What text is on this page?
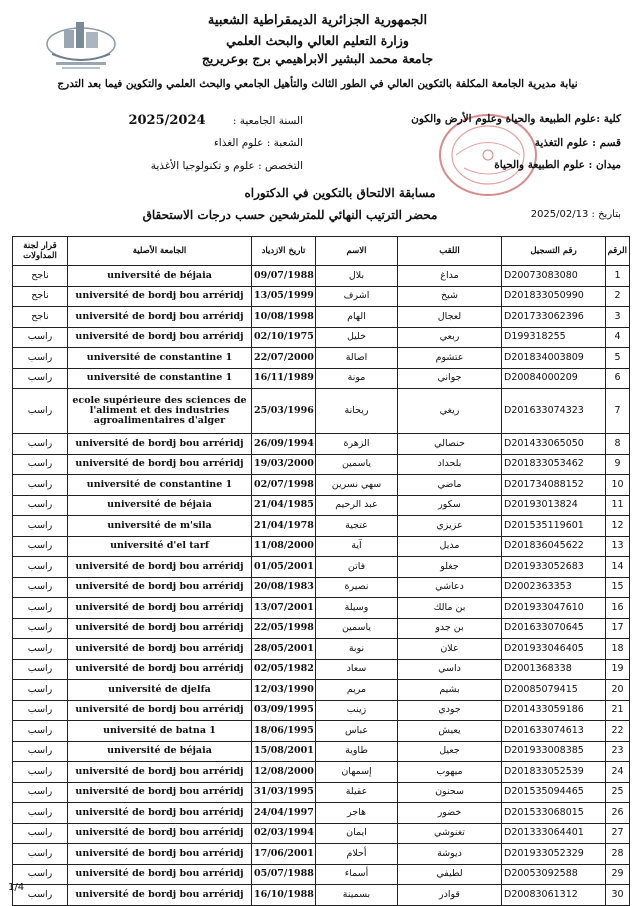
الجمهورية الجزائرية الديمقراطية الشعبية
وزارة التعليم العالي والبحث العلمي
جامعة محمد البشير الابراهيمي برج بوعريريج
نيابة مديرية الجامعة المكلفة بالتكوين العالي في الطور الثالث والتأهيل الجامعي والبحث العلمي والتكوين فيما بعد التدرج
كلية :علوم الطبيعة والحياة وعلوم الأرض والكون
قسم : علوم التغذية
ميدان : علوم الطبيعة والحياة
السنة الجامعية : 2025/2024
الشعبة : علوم الغذاء
التخصص : علوم و تكنولوجيا الأغذية
مسابقة الالتحاق بالتكوين في الدكتوراه
محضر الترتيب النهائي للمترشحين حسب درجات الاستحقاق	بتاريخ : 2025/02/13
الرقم	رقم التسجيل	اللقب	الاسم	تاريخ الازدياد	الجامعة الأصلية	قرار لجنة المداولات
1	D20073083080	مداغ	بلال	09/07/1988	université de béjaia	ناجح
2	D201833050990	شيخ	اشرف	13/05/1999	université de bordj bou arréridj	ناجح
3	D201733062396	لعجال	الهام	10/08/1998	université de bordj bou arréridj	ناجح
4	D199318255	ربعي	خليل	02/10/1975	université de bordj bou arréridj	راسب
5	D201834003809	عتشوم	اصالة	22/07/2000	université de constantine 1	راسب
6	D20084000209	جواني	مونة	16/11/1989	université de constantine 1	راسب
7	D201633074323	ريغي	ريحانة	25/03/1996	ecole supérieure des sciences de l'aliment et des industries agroalimentaires d'alger	راسب
8	D201433065050	حنصالي	الزهرة	26/09/1994	université de bordj bou arréridj	راسب
9	D201833053462	بلحداد	ياسمين	19/03/2000	université de bordj bou arréridj	راسب
10	D201734088152	ماضي	سهي نسرين	02/07/1998	université de constantine 1	راسب
11	D20193013824	سكور	عبد الرحيم	21/04/1985	université de béjaia	راسب
12	D201535119601	عزيزي	عتجية	21/04/1978	université de m'sila	راسب
13	D201836045622	مديل	آية	11/08/2000	université d'el tarf	راسب
14	D201933052683	جغلو	فاتن	01/05/2001	université de bordj bou arréridj	راسب
15	D2002363353	دعاشي	نصيرة	20/08/1983	université de bordj bou arréridj	راسب
16	D201933047610	بن مالك	وسيلة	13/07/2001	université de bordj bou arréridj	راسب
17	D201633070645	بن جدو	ياسمين	22/05/1998	université de bordj bou arréridj	راسب
18	D201933046405	علان	نوبة	28/05/2001	université de bordj bou arréridj	راسب
19	D2001368338	داسي	سعاد	02/05/1982	université de bordj bou arréridj	راسب
20	D20085079415	بشيم	مريم	12/03/1990	université de djelfa	راسب
21	D201433059186	جودي	زينب	03/09/1995	université de bordj bou arréridj	راسب
22	D201633074613	يعيش	عباس	18/06/1995	université de batna 1	راسب
23	D201933008385	جعيل	طاوية	15/08/2001	université de béjaia	راسب
24	D201833052539	ميهوب	إسمهان	12/08/2000	université de bordj bou arréridj	راسب
25	D201535094465	سحنون	عقيلة	31/03/1995	université de bordj bou arréridj	راسب
26	D201533068015	خضور	هاجر	24/04/1997	université de bordj bou arréridj	راسب
27	D201333064401	تغنوشي	ايمان	02/03/1994	université de bordj bou arréridj	راسب
28	D201933052329	ديوشة	أحلام	17/06/2001	université de bordj bou arréridj	راسب
29	D20053092588	لطيفي	أسماء	05/07/1988	université de bordj bou arréridj	راسب
30	D20083061312	قوادر	بسمينة	16/10/1988	université de bordj bou arréridj	راسب
1/4
